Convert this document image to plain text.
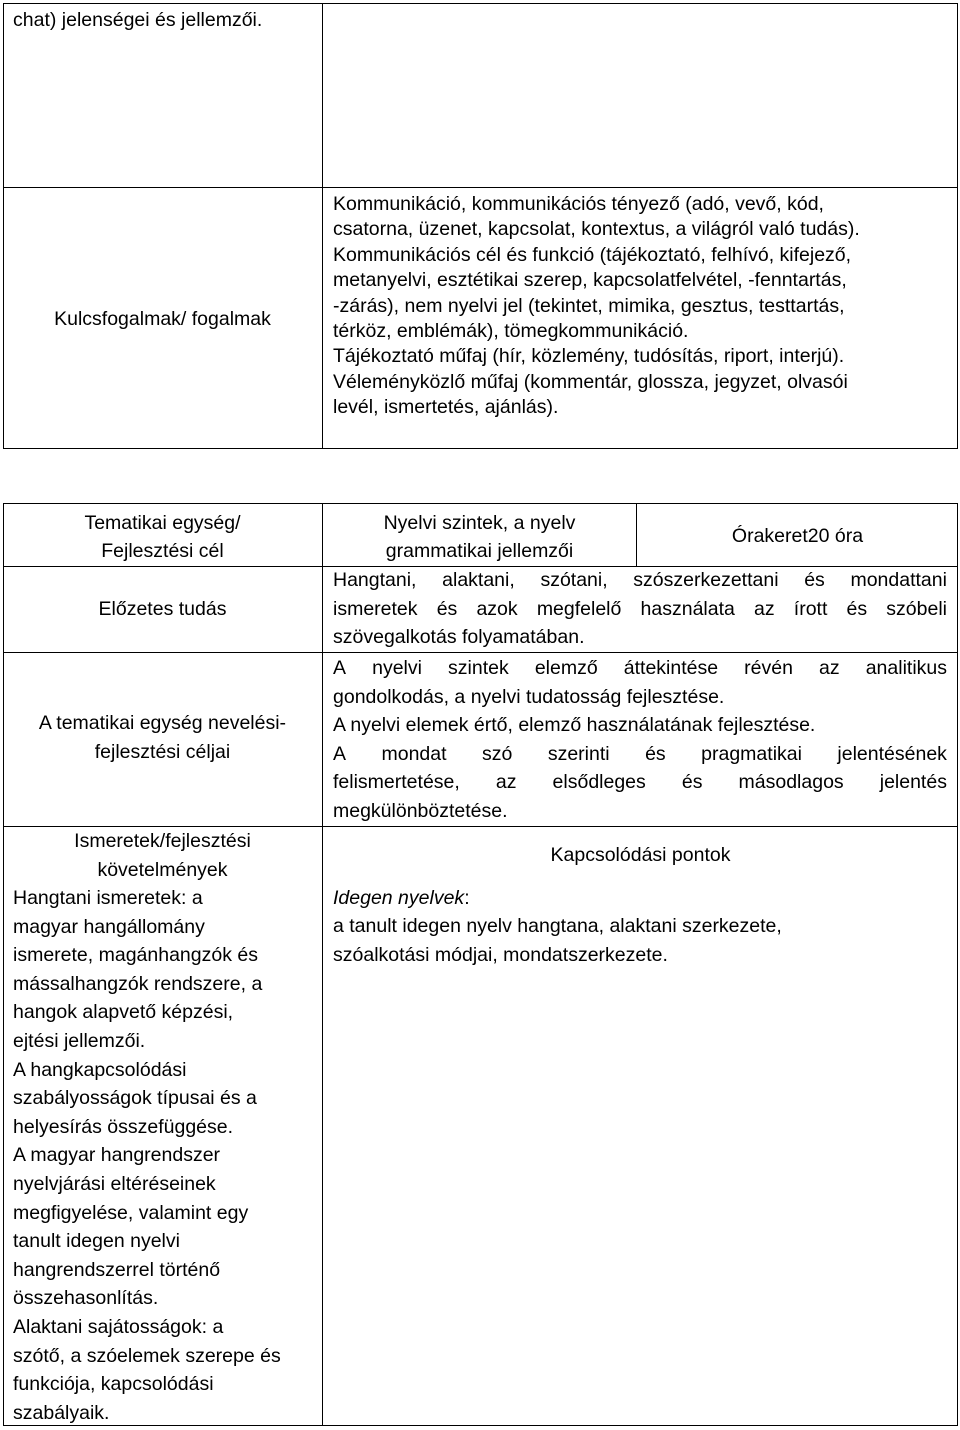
chat) jelenségei és jellemzői.
Kulcsfogalmak/ fogalmak
Kommunikáció, kommunikációs tényező (adó, vevő, kód,
csatorna, üzenet, kapcsolat, kontextus, a világról való tudás).
Kommunikációs cél és funkció (tájékoztató, felhívó, kifejező,
metanyelvi, esztétikai szerep, kapcsolatfelvétel, -fenntartás,
-zárás), nem nyelvi jel (tekintet, mimika, gesztus, testtartás,
térköz, emblémák), tömegkommunikáció.
Tájékoztató műfaj (hír, közlemény, tudósítás, riport, interjú).
Véleményközlő műfaj (kommentár, glossza, jegyzet, olvasói
levél, ismertetés, ajánlás).
Tematikai egység/
Fejlesztési cél
Előzetes tudás
A tematikai egység nevelési-
fejlesztési céljai
Ismeretek/fejlesztési
követelmények
Hangtani ismeretek: a
magyar hangállomány
ismerete, magánhangzók és
mássalhangzók rendszere, a
hangok alapvető képzési,
ejtési jellemzői.
A hangkapcsolódási
szabályosságok típusai és a
helyesírás összefüggése.
A magyar hangrendszer
nyelvjárási eltéréseinek
megfigyelése, valamint egy
tanult idegen nyelvi
hangrendszerrel történő
összehasonlítás.
Alaktani sajátosságok: a
szótő, a szóelemek szerepe és
funkciója, kapcsolódási
szabályaik.
Nyelvi szintek, a nyelv
grammatikai jellemzői
Órakeret20 óra
Hangtani, alaktani, szótani, szószerkezettani és mondattani
ismeretek és azok megfelelő használata az írott és szóbeli
szövegalkotás folyamatában.
A nyelvi szintek elemző áttekintése révén az analitikus
gondolkodás, a nyelvi tudatosság fejlesztése.
A nyelvi elemek értő, elemző használatának fejlesztése.
A mondat szó szerinti és pragmatikai jelentésének
felismertetése, az elsődleges és másodlagos jelentés
megkülönböztetése.
Kapcsolódási pontok
Idegen nyelvek:
a tanult idegen nyelv hangtana, alaktani szerkezete,
szóalkotási módjai, mondatszerkezete.
